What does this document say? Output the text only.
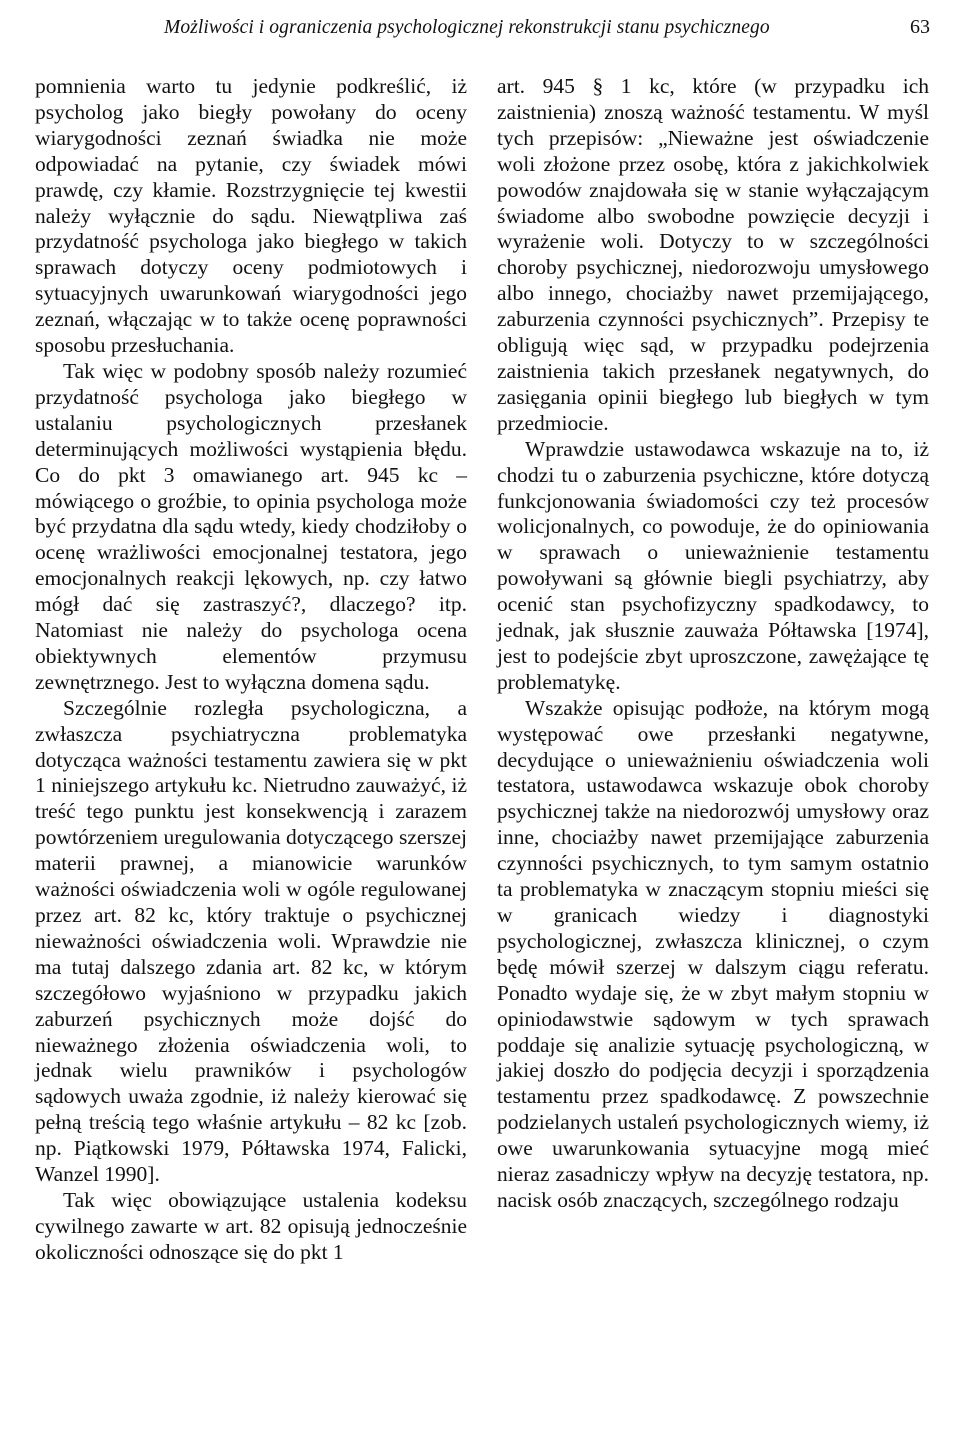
Możliwości i ograniczenia psychologicznej rekonstrukcji stanu psychicznego	63

pomnienia warto tu jedynie podkreślić, iż psycholog jako biegły powołany do oceny wiarygodności zeznań świadka nie może odpowiadać na pytanie, czy świadek mówi prawdę, czy kłamie. Rozstrzygnięcie tej kwestii należy wyłącznie do sądu. Niewątpliwa zaś przydatność psychologa jako biegłego w takich sprawach dotyczy oceny podmiotowych i sytuacyjnych uwarunkowań wiarygodności jego zeznań, włączając w to także ocenę poprawności sposobu przesłuchania.

Tak więc w podobny sposób należy rozumieć przydatność psychologa jako biegłego w ustalaniu psychologicznych przesłanek determinujących możliwości wystąpienia błędu. Co do pkt 3 omawianego art. 945 kc – mówiącego o groźbie, to opinia psychologa może być przydatna dla sądu wtedy, kiedy chodziłoby o ocenę wrażliwości emocjonalnej testatora, jego emocjonalnych reakcji lękowych, np. czy łatwo mógł dać się zastraszyć?, dlaczego? itp. Natomiast nie należy do psychologa ocena obiektywnych elementów przymusu zewnętrznego. Jest to wyłączna domena sądu.

Szczególnie rozległa psychologiczna, a zwłaszcza psychiatryczna problematyka dotycząca ważności testamentu zawiera się w pkt 1 niniejszego artykułu kc. Nietrudno zauważyć, iż treść tego punktu jest konsekwencją i zarazem powtórzeniem uregulowania dotyczącego szerszej materii prawnej, a mianowicie warunków ważności oświadczenia woli w ogóle regulowanej przez art. 82 kc, który traktuje o psychicznej nieważności oświadczenia woli. Wprawdzie nie ma tutaj dalszego zdania art. 82 kc, w którym szczegółowo wyjaśniono w przypadku jakich zaburzeń psychicznych może dojść do nieważnego złożenia oświadczenia woli, to jednak wielu prawników i psychologów sądowych uważa zgodnie, iż należy kierować się pełną treścią tego właśnie artykułu – 82 kc [zob. np. Piątkowski 1979, Półtawska 1974, Falicki, Wanzel 1990].

Tak więc obowiązujące ustalenia kodeksu cywilnego zawarte w art. 82 opisują jednocześnie okoliczności odnoszące się do pkt 1

art. 945 § 1 kc, które (w przypadku ich zaistnienia) znoszą ważność testamentu. W myśl tych przepisów: „Nieważne jest oświadczenie woli złożone przez osobę, która z jakichkolwiek powodów znajdowała się w stanie wyłączającym świadome albo swobodne powzięcie decyzji i wyrażenie woli. Dotyczy to w szczególności choroby psychicznej, niedorozwoju umysłowego albo innego, chociażby nawet przemijającego, zaburzenia czynności psychicznych”. Przepisy te obligują więc sąd, w przypadku podejrzenia zaistnienia takich przesłanek negatywnych, do zasięgania opinii biegłego lub biegłych w tym przedmiocie.

Wprawdzie ustawodawca wskazuje na to, iż chodzi tu o zaburzenia psychiczne, które dotyczą funkcjonowania świadomości czy też procesów wolicjonalnych, co powoduje, że do opiniowania w sprawach o unieważnienie testamentu powoływani są głównie biegli psychiatrzy, aby ocenić stan psychofizyczny spadkodawcy, to jednak, jak słusznie zauważa Półtawska [1974], jest to podejście zbyt uproszczone, zawężające tę problematykę.

Wszakże opisując podłoże, na którym mogą występować owe przesłanki negatywne, decydujące o unieważnieniu oświadczenia woli testatora, ustawodawca wskazuje obok choroby psychicznej także na niedorozwój umysłowy oraz inne, chociażby nawet przemijające zaburzenia czynności psychicznych, to tym samym ostatnio ta problematyka w znaczącym stopniu mieści się w granicach wiedzy i diagnostyki psychologicznej, zwłaszcza klinicznej, o czym będę mówił szerzej w dalszym ciągu referatu. Ponadto wydaje się, że w zbyt małym stopniu w opiniodawstwie sądowym w tych sprawach poddaje się analizie sytuację psychologiczną, w jakiej doszło do podjęcia decyzji i sporządzenia testamentu przez spadkodawcę. Z powszechnie podzielanych ustaleń psychologicznych wiemy, iż owe uwarunkowania sytuacyjne mogą mieć nieraz zasadniczy wpływ na decyzję testatora, np. nacisk osób znaczących, szczególnego rodzaju
